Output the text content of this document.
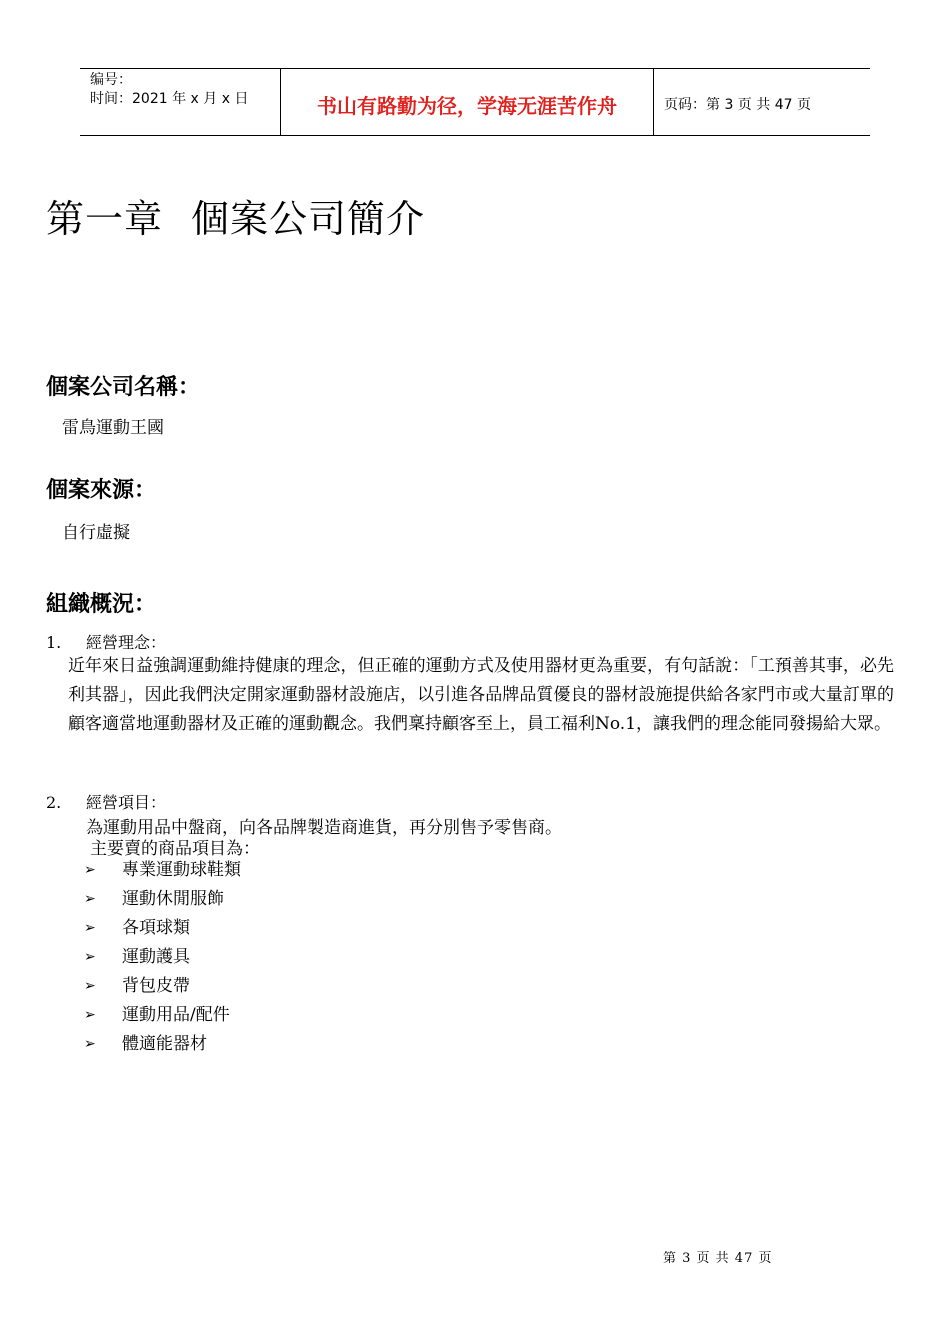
编号：
时间：2021 年 x 月 x 日	书山有路勤为径，学海无涯苦作舟	页码：第 3 页 共 47 页
第一章 個案公司簡介
個案公司名稱：

雷鳥運動王國

個案來源：

自行虛擬

組織概況：
1. 經營理念：

近年來日益強調運動維持健康的理念，但正確的運動方式及使用器材更為重要，有句話說：「工預善其事，必先利其器」，因此我們決定開家運動器材設施店，以引進各品牌品質優良的器材設施提供給各家門市或大量訂單的顧客適當地運動器材及正確的運動觀念。我們稟持顧客至上，員工福利No.1，讓我們的理念能同發揚給大眾。

2. 經營項目：

為運動用品中盤商，向各品牌製造商進貨，再分別售予零售商。

主要賣的商品項目為：

➢	專業運動球鞋類
➢	運動休閒服飾
➢	各項球類
➢	運動護具
➢	背包皮帶
➢	運動用品/配件
➢	體適能器材
第 3 页 共 47 页
